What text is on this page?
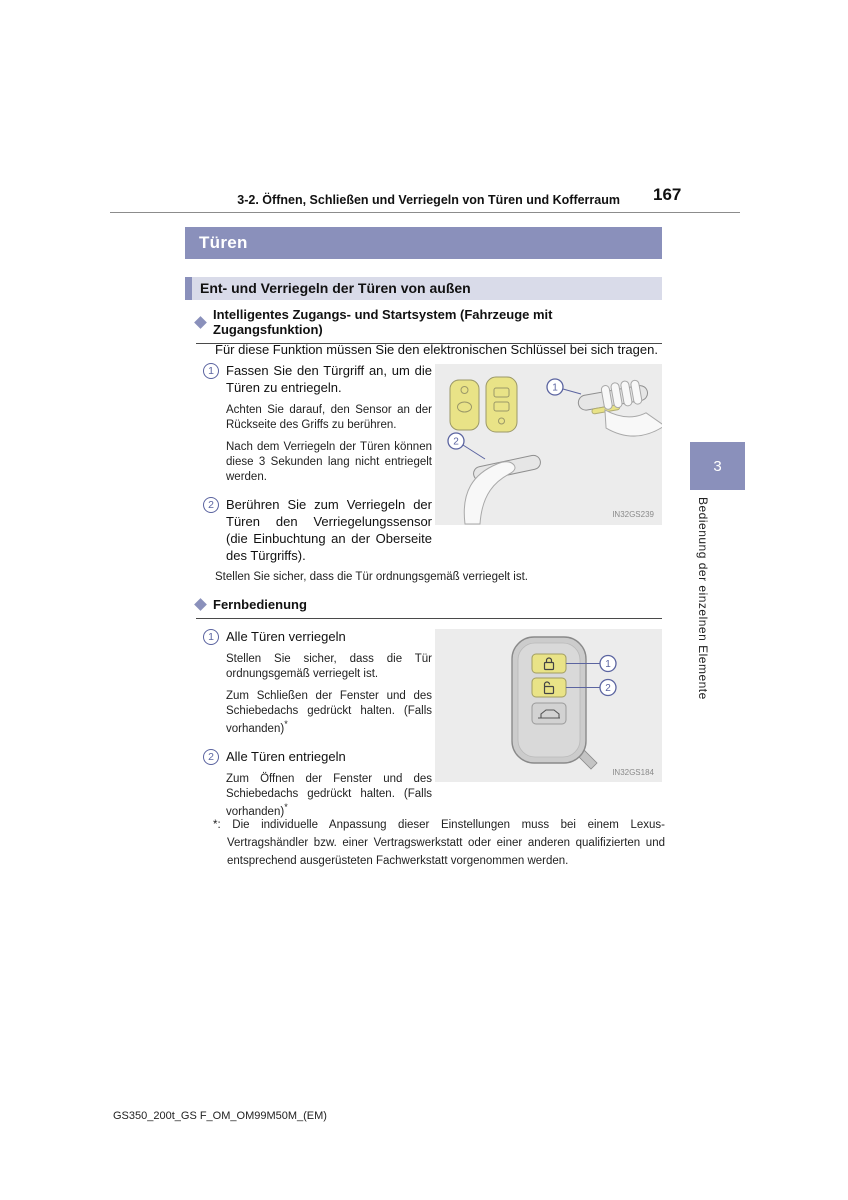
3-2. Öffnen, Schließen und Verriegeln von Türen und Kofferraum 167
Türen
Ent- und Verriegeln der Türen von außen
Intelligentes Zugangs- und Startsystem (Fahrzeuge mit Zugangsfunktion)

Für diese Funktion müssen Sie den elektronischen Schlüssel bei sich tragen.

1 Fassen Sie den Türgriff an, um die Türen zu entriegeln.
Achten Sie darauf, den Sensor an der Rückseite des Griffs zu berühren.
Nach dem Verriegeln der Türen können diese 3 Sekunden lang nicht entriegelt werden.
2 Berühren Sie zum Verriegeln der Türen den Verriegelungssensor (die Einbuchtung an der Oberseite des Türgriffs).
1
2
IN32GS239
Stellen Sie sicher, dass die Tür ordnungsgemäß verriegelt ist.
Fernbedienung
1 Alle Türen verriegeln
Stellen Sie sicher, dass die Tür ordnungsgemäß verriegelt ist.
Zum Schließen der Fenster und des Schiebedachs gedrückt halten. (Falls vorhanden)*
2 Alle Türen entriegeln
Zum Öffnen der Fenster und des Schiebedachs gedrückt halten. (Falls vorhanden)*
1
2
IN32GS184
*: Die individuelle Anpassung dieser Einstellungen muss bei einem Lexus-Vertragshändler bzw. einer Vertragswerkstatt oder einer anderen qualifizierten und entsprechend ausgerüsteten Fachwerkstatt vorgenommen werden.
3
Bedienung der einzelnen Elemente
GS350_200t_GS F_OM_OM99M50M_(EM)
